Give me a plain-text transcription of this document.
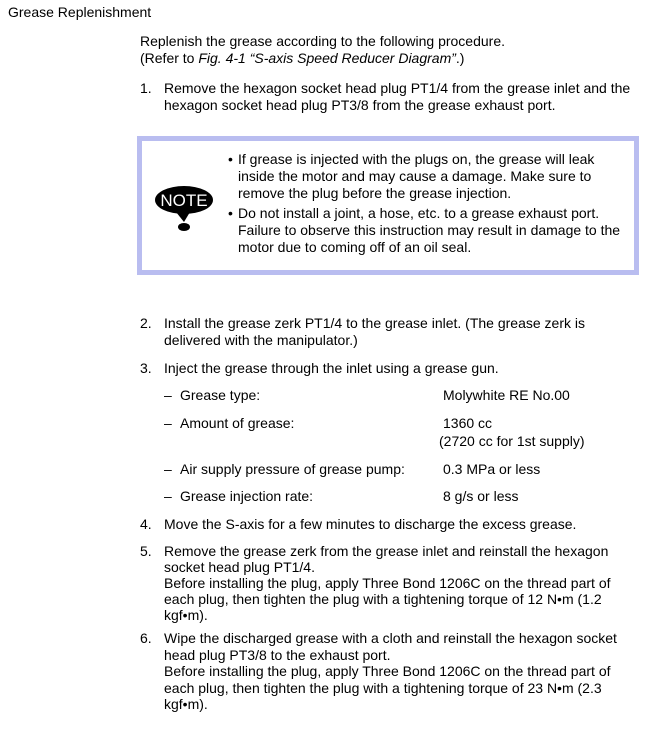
Grease Replenishment
Replenish the grease according to the following procedure.
(Refer to Fig. 4-1 “S-axis Speed Reducer Diagram”.)
1. Remove the hexagon socket head plug PT1/4 from the grease inlet and the hexagon socket head plug PT3/8 from the grease exhaust port.
NOTE
• If grease is injected with the plugs on, the grease will leak inside the motor and may cause a damage. Make sure to remove the plug before the grease injection.
• Do not install a joint, a hose, etc. to a grease exhaust port. Failure to observe this instruction may result in damage to the motor due to coming off of an oil seal.
2. Install the grease zerk PT1/4 to the grease inlet. (The grease zerk is delivered with the manipulator.)
3. Inject the grease through the inlet using a grease gun.
– Grease type:	Molywhite RE No.00
– Amount of grease:	1360 cc
(2720 cc for 1st supply)
– Air supply pressure of grease pump:	0.3 MPa or less
– Grease injection rate:	8 g/s or less
4. Move the S-axis for a few minutes to discharge the excess grease.
5. Remove the grease zerk from the grease inlet and reinstall the hexagon socket head plug PT1/4.
Before installing the plug, apply Three Bond 1206C on the thread part of each plug, then tighten the plug with a tightening torque of 12 N•m (1.2 kgf•m).
6. Wipe the discharged grease with a cloth and reinstall the hexagon socket head plug PT3/8 to the exhaust port.
Before installing the plug, apply Three Bond 1206C on the thread part of each plug, then tighten the plug with a tightening torque of 23 N•m (2.3 kgf•m).
